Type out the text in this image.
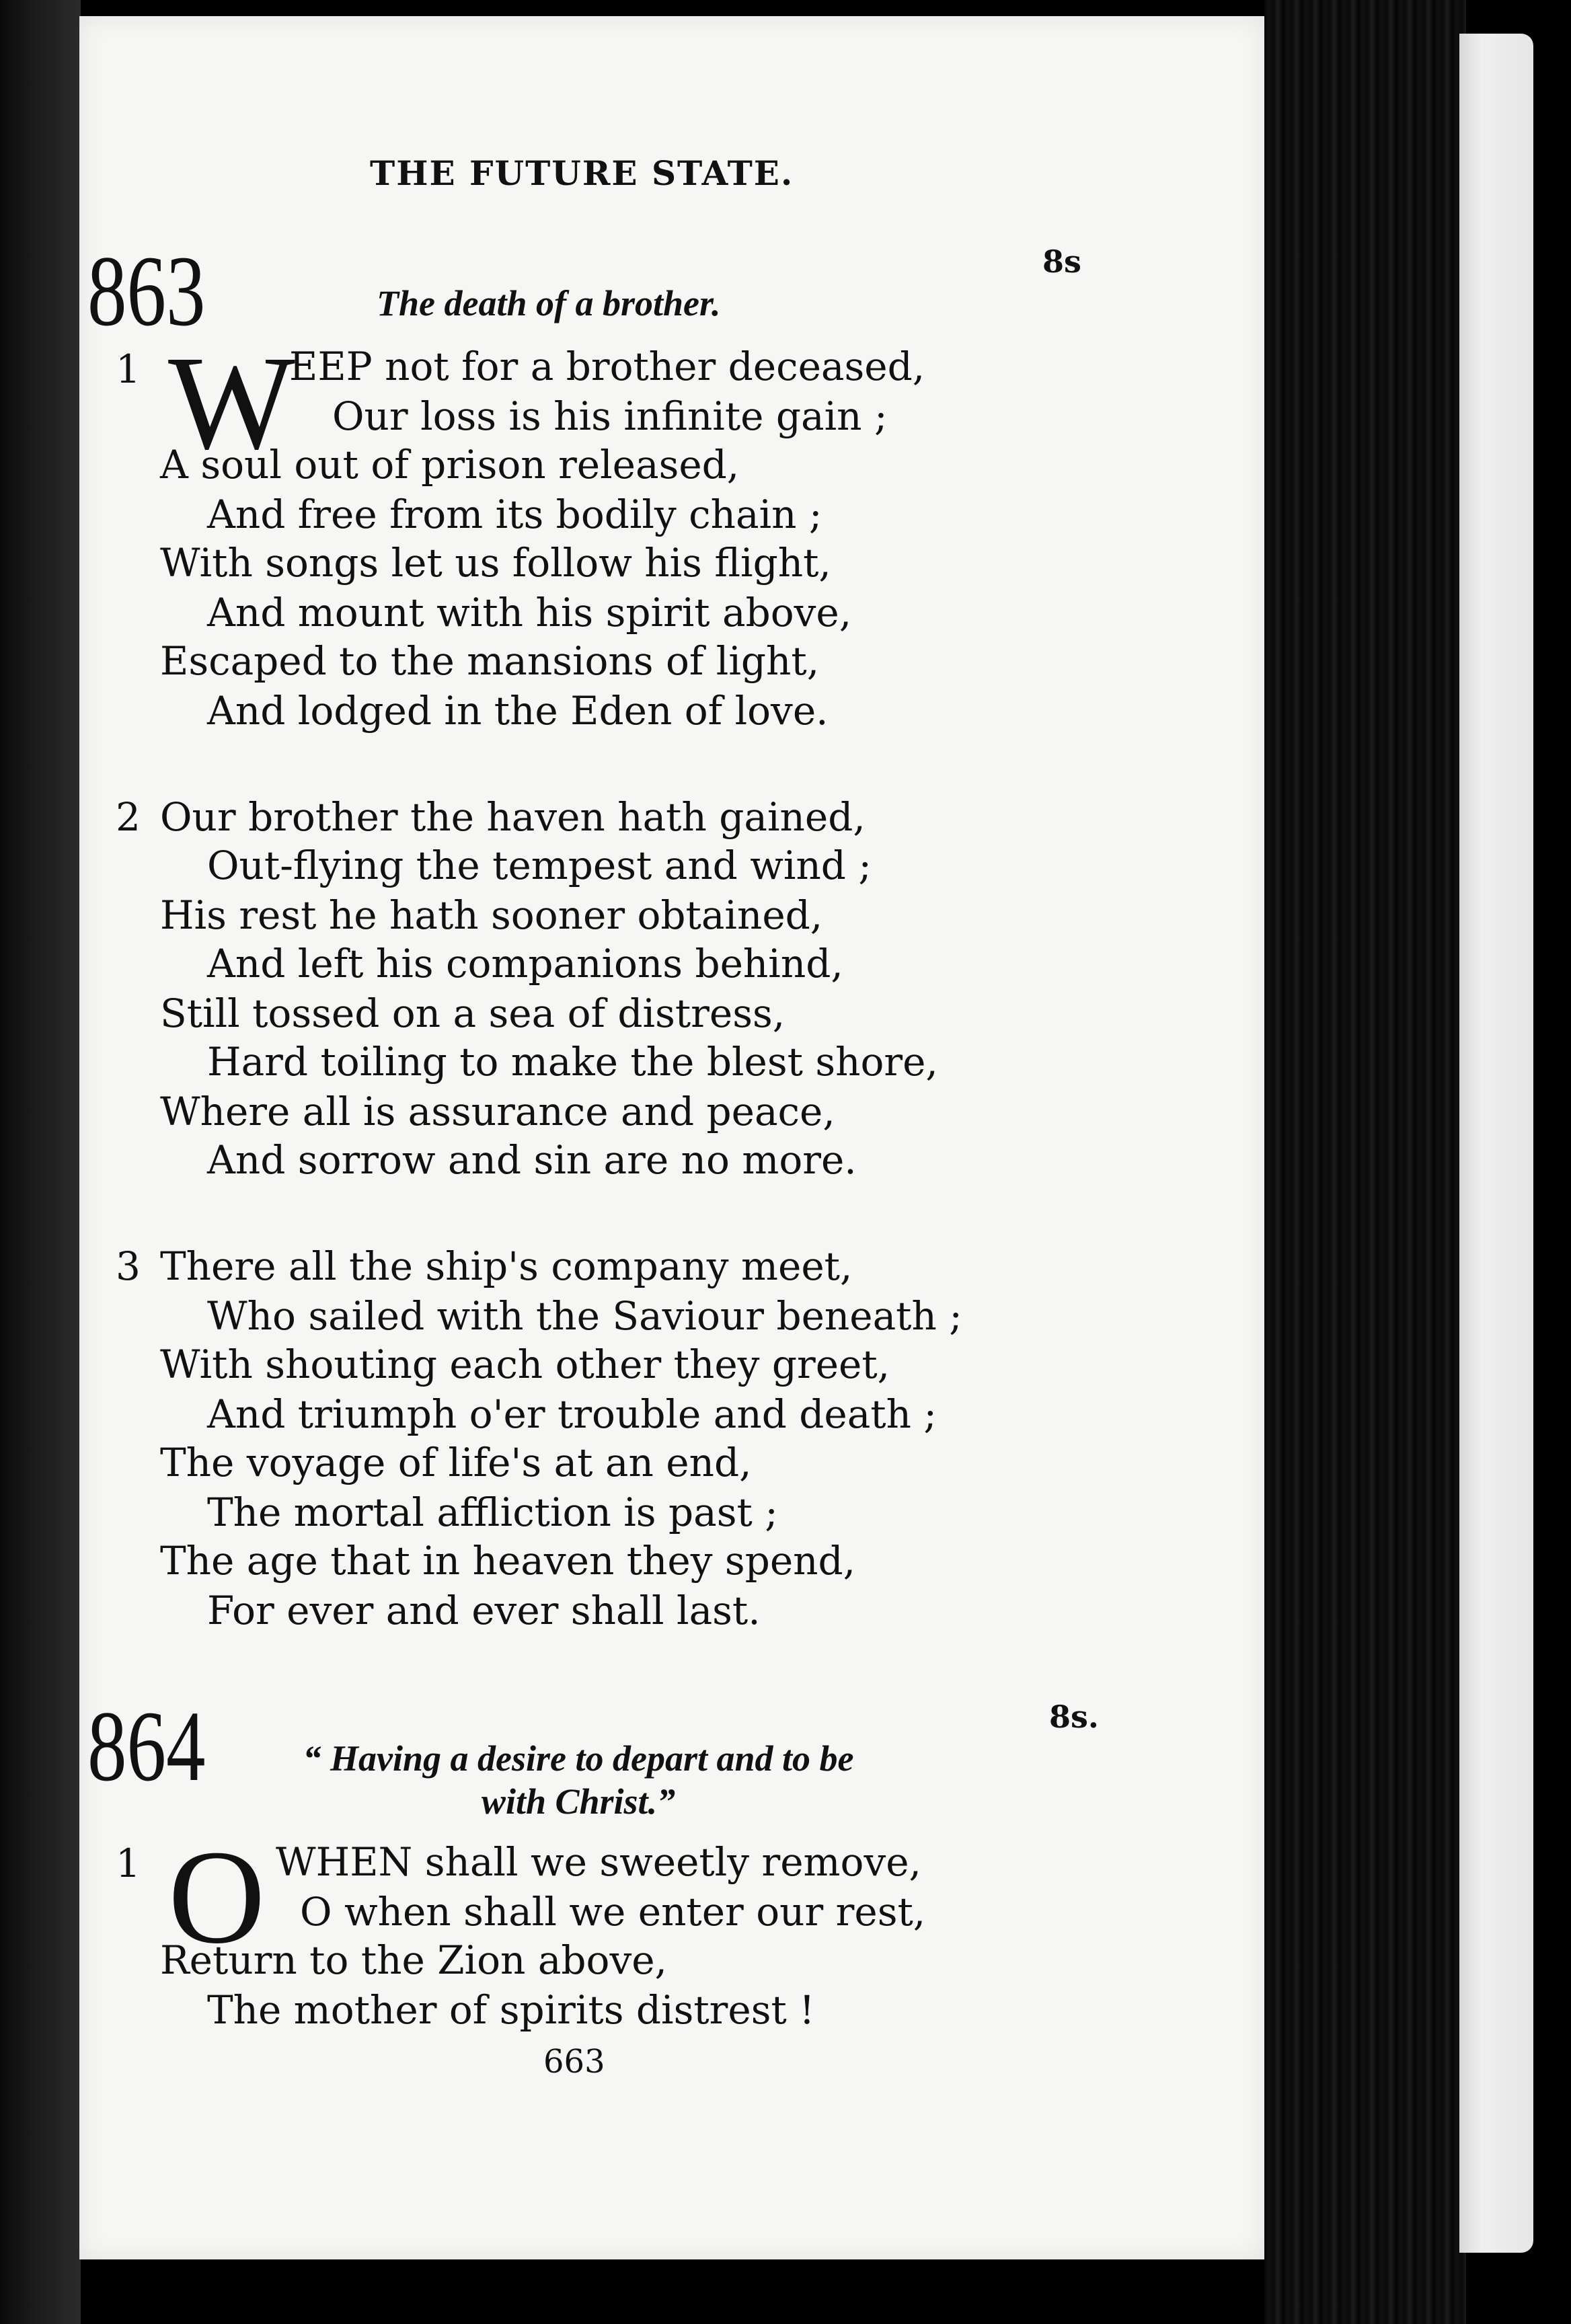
THE FUTURE STATE.
863	8s
The death of a brother.
1 W
EEP not for a brother deceased,
Our loss is his infinite gain ;
A soul out of prison released,
And free from its bodily chain ;
With songs let us follow his flight,
And mount with his spirit above,
Escaped to the mansions of light,
And lodged in the Eden of love.
2 Our brother the haven hath gained,
Out-flying the tempest and wind ;
His rest he hath sooner obtained,
And left his companions behind,
Still tossed on a sea of distress,
Hard toiling to make the blest shore,
Where all is assurance and peace,
And sorrow and sin are no more.
3 There all the ship's company meet,
Who sailed with the Saviour beneath ;
With shouting each other they greet,
And triumph o'er trouble and death ;
The voyage of life's at an end,
The mortal affliction is past ;
The age that in heaven they spend,
For ever and ever shall last.
864	8s.
“ Having a desire to depart and to be
with Christ.”
1 O WHEN shall we sweetly remove,
O when shall we enter our rest,
Return to the Zion above,
The mother of spirits distrest !
663
